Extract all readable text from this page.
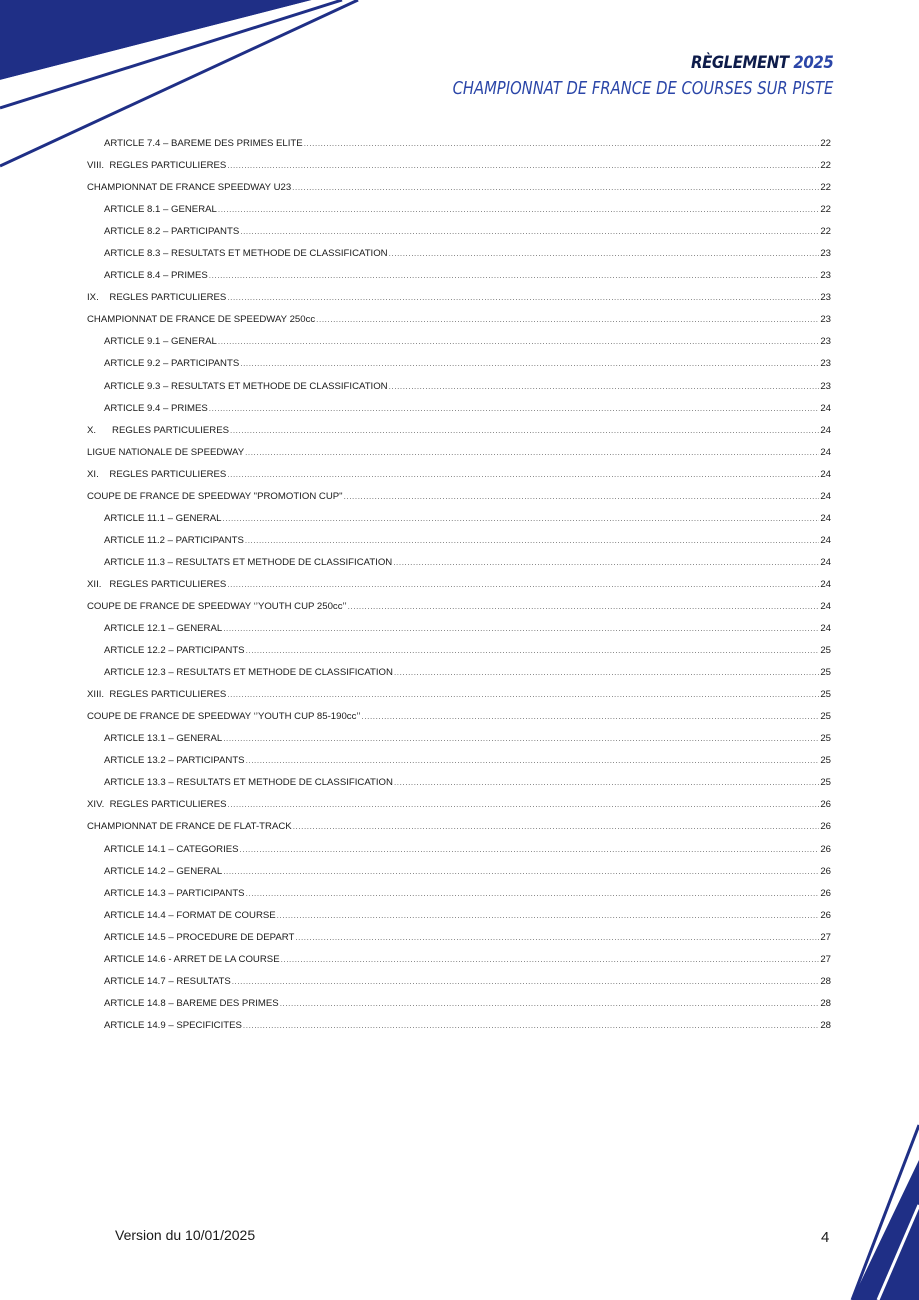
RÈGLEMENT 2025
CHAMPIONNAT DE FRANCE DE COURSES SUR PISTE
ARTICLE 7.4 – BAREME DES PRIMES ELITE .....	22
VIII.  REGLES PARTICULIERES .....	22
CHAMPIONNAT DE FRANCE SPEEDWAY U23 .....	22
ARTICLE 8.1 – GENERAL .....	22
ARTICLE 8.2 – PARTICIPANTS .....	22
ARTICLE 8.3 – RESULTATS ET METHODE DE CLASSIFICATION .....	23
ARTICLE 8.4 – PRIMES .....	23
IX.    REGLES PARTICULIERES .....	23
CHAMPIONNAT DE FRANCE DE SPEEDWAY 250cc .....	23
ARTICLE 9.1 – GENERAL .....	23
ARTICLE 9.2 – PARTICIPANTS .....	23
ARTICLE 9.3 – RESULTATS ET METHODE DE CLASSIFICATION .....	23
ARTICLE 9.4 – PRIMES .....	24
X.      REGLES PARTICULIERES .....	24
LIGUE NATIONALE DE SPEEDWAY .....	24
XI.    REGLES PARTICULIERES .....	24
COUPE DE FRANCE DE SPEEDWAY "PROMOTION CUP" .....	24
ARTICLE 11.1 – GENERAL .....	24
ARTICLE 11.2 – PARTICIPANTS .....	24
ARTICLE 11.3 – RESULTATS ET METHODE DE CLASSIFICATION .....	24
XII.   REGLES PARTICULIERES .....	24
COUPE DE FRANCE DE SPEEDWAY ‘’YOUTH CUP 250cc’’ .....	24
ARTICLE 12.1 – GENERAL .....	24
ARTICLE 12.2 – PARTICIPANTS .....	25
ARTICLE 12.3 – RESULTATS ET METHODE DE CLASSIFICATION .....	25
XIII.  REGLES PARTICULIERES .....	25
COUPE DE FRANCE DE SPEEDWAY ‘’YOUTH CUP 85-190cc’’ .....	25
ARTICLE 13.1 – GENERAL .....	25
ARTICLE 13.2 – PARTICIPANTS .....	25
ARTICLE 13.3 – RESULTATS ET METHODE DE CLASSIFICATION .....	25
XIV.  REGLES PARTICULIERES .....	26
CHAMPIONNAT DE FRANCE DE FLAT-TRACK .....	26
ARTICLE 14.1 – CATEGORIES .....	26
ARTICLE 14.2 – GENERAL .....	26
ARTICLE 14.3 – PARTICIPANTS .....	26
ARTICLE 14.4 – FORMAT DE COURSE .....	26
ARTICLE 14.5 – PROCEDURE DE DEPART .....	27
ARTICLE 14.6 - ARRET DE LA COURSE .....	27
ARTICLE 14.7 – RESULTATS .....	28
ARTICLE 14.8 – BAREME DES PRIMES .....	28
ARTICLE 14.9 – SPECIFICITES .....	28
Version du 10/01/2025	4
